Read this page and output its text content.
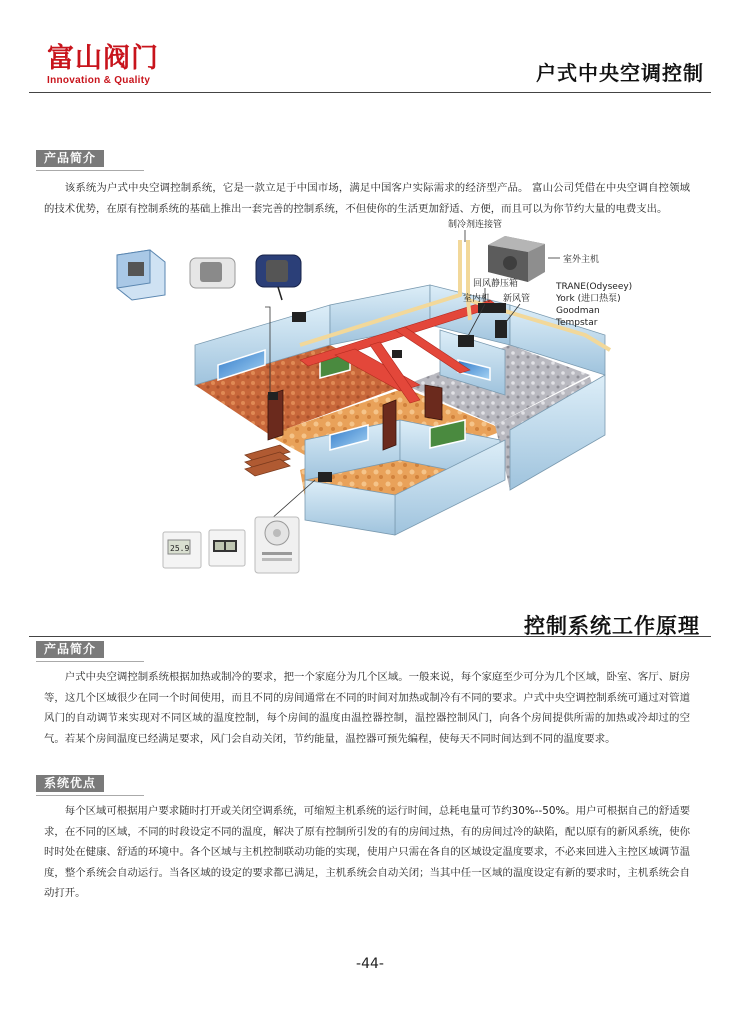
富山阀门
Innovation & Quality	户式中央空调控制
产品简介
该系统为户式中央空调控制系统，它是一款立足于中国市场，满足中国客户实际需求的经济型产品。 富山公司凭借在中央空调自控领域的技术优势，在原有控制系统的基础上推出一套完善的控制系统，不但使你的生活更加舒适、方便，而且可以为你节约大量的电费支出。
25.9
制冷剂连接管
室外主机
回风静压箱
室内机 新风管
TRANE(Odyseey)
York (进口热泵)
Goodman
Tempstar
控制系统工作原理
产品简介
户式中央空调控制系统根据加热或制冷的要求，把一个家庭分为几个区域。一般来说，每个家庭至少可分为几个区域，卧室、客厅、厨房等，这几个区域很少在同一个时间使用，而且不同的房间通常在不同的时间对加热或制冷有不同的要求。户式中央空调控制系统可通过对管道风门的自动调节来实现对不同区域的温度控制，每个房间的温度由温控器控制，温控器控制风门，向各个房间提供所需的加热或冷却过的空气。若某个房间温度已经满足要求，风门会自动关闭，节约能量，温控器可预先编程，使每天不同时间达到不同的温度要求。
系统优点
每个区域可根据用户要求随时打开或关闭空调系统，可缩短主机系统的运行时间，总耗电量可节约30%--50%。用户可根据自己的舒适要求，在不同的区域，不同的时段设定不同的温度，解决了原有控制所引发的有的房间过热，有的房间过冷的缺陷，配以原有的新风系统，使你时时处在健康、舒适的环境中。各个区域与主机控制联动功能的实现，使用户只需在各自的区域设定温度要求，不必来回进入主控区域调节温度，整个系统会自动运行。当各区域的设定的要求都已满足，主机系统会自动关闭；当其中任一区域的温度设定有新的要求时，主机系统会自动打开。
-44-
